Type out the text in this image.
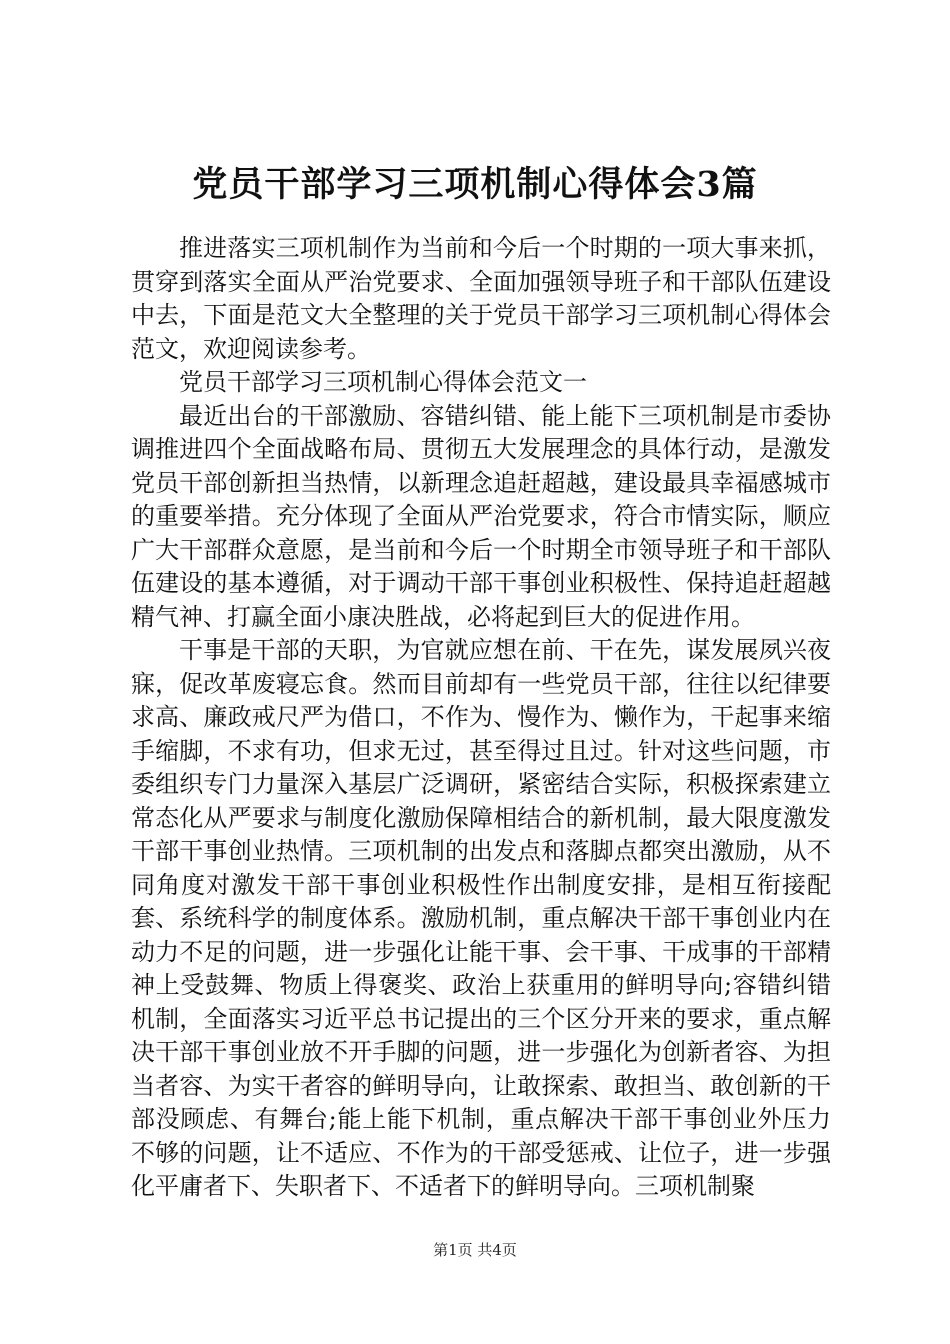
党员干部学习三项机制心得体会3篇

推进落实三项机制作为当前和今后一个时期的一项大事来抓，贯穿到落实全面从严治党要求、全面加强领导班子和干部队伍建设中去，下面是范文大全整理的关于党员干部学习三项机制心得体会范文，欢迎阅读参考。

党员干部学习三项机制心得体会范文一

最近出台的干部激励、容错纠错、能上能下三项机制是市委协调推进四个全面战略布局、贯彻五大发展理念的具体行动，是激发党员干部创新担当热情，以新理念追赶超越，建设最具幸福感城市的重要举措。充分体现了全面从严治党要求，符合市情实际，顺应广大干部群众意愿，是当前和今后一个时期全市领导班子和干部队伍建设的基本遵循，对于调动干部干事创业积极性、保持追赶超越精气神、打赢全面小康决胜战，必将起到巨大的促进作用。

干事是干部的天职，为官就应想在前、干在先，谋发展夙兴夜寐，促改革废寝忘食。然而目前却有一些党员干部，往往以纪律要求高、廉政戒尺严为借口，不作为、慢作为、懒作为，干起事来缩手缩脚，不求有功，但求无过，甚至得过且过。针对这些问题，市委组织专门力量深入基层广泛调研，紧密结合实际，积极探索建立常态化从严要求与制度化激励保障相结合的新机制，最大限度激发干部干事创业热情。三项机制的出发点和落脚点都突出激励，从不同角度对激发干部干事创业积极性作出制度安排，是相互衔接配套、系统科学的制度体系。激励机制，重点解决干部干事创业内在动力不足的问题，进一步强化让能干事、会干事、干成事的干部精神上受鼓舞、物质上得褒奖、政治上获重用的鲜明导向;容错纠错机制，全面落实习近平总书记提出的三个区分开来的要求，重点解决干部干事创业放不开手脚的问题，进一步强化为创新者容、为担当者容、为实干者容的鲜明导向，让敢探索、敢担当、敢创新的干部没顾虑、有舞台;能上能下机制，重点解决干部干事创业外压力不够的问题，让不适应、不作为的干部受惩戒、让位子，进一步强化平庸者下、失职者下、不适者下的鲜明导向。三项机制聚

第1页 共4页
